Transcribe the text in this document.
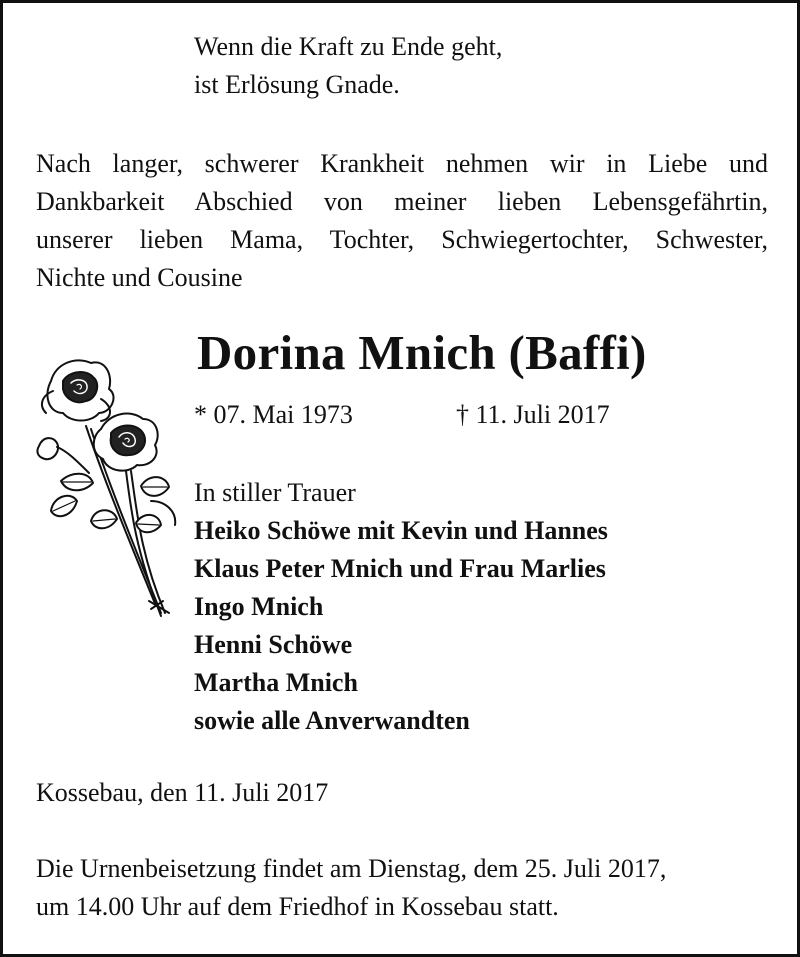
Wenn die Kraft zu Ende geht,
ist Erlösung Gnade.
Nach langer, schwerer Krankheit nehmen wir in Liebe und
Dankbarkeit Abschied von meiner lieben Lebensgefährtin,
unserer lieben Mama, Tochter, Schwiegertochter, Schwester,
Nichte und Cousine
Dorina Mnich (Baffi)
* 07. Mai 1973	† 11. Juli 2017
In stiller Trauer
Heiko Schöwe mit Kevin und Hannes
Klaus Peter Mnich und Frau Marlies
Ingo Mnich
Henni Schöwe
Martha Mnich
sowie alle Anverwandten
Kossebau, den 11. Juli 2017
Die Urnenbeisetzung findet am Dienstag, dem 25. Juli 2017,
um 14.00 Uhr auf dem Friedhof in Kossebau statt.
